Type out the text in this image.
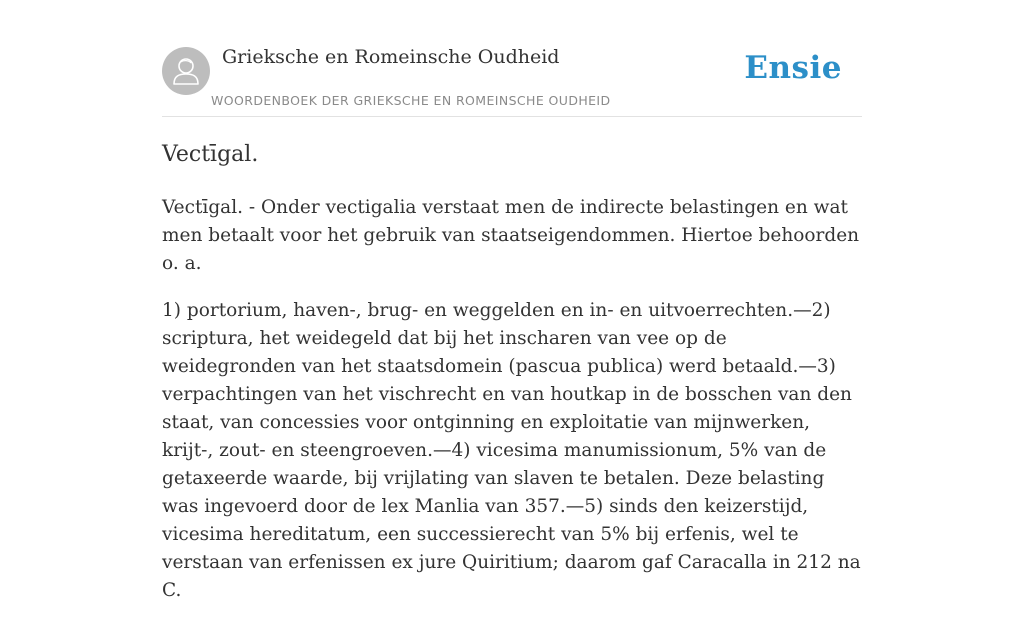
Grieksche en Romeinsche Oudheid
WOORDENBOEK DER GRIEKSCHE EN ROMEINSCHE OUDHEID
Ensie
Vectīgal.

Vectīgal. - Onder vectigalia verstaat men de indirecte belastingen en wat men betaalt voor het gebruik van staatseigendommen. Hiertoe behoorden o. a.

1) portorium, haven-, brug- en weggelden en in- en uitvoerrechten.—2) scriptura, het weidegeld dat bij het inscharen van vee op de weidegronden van het staatsdomein (pascua publica) werd betaald.—3) verpachtingen van het vischrecht en van houtkap in de bosschen van den staat, van concessies voor ontginning en exploitatie van mijnwerken, krijt-, zout- en steengroeven.—4) vicesima manumissionum, 5% van de getaxeerde waarde, bij vrijlating van slaven te betalen. Deze belasting was ingevoerd door de lex Manlia van 357.—5) sinds den keizerstijd, vicesima hereditatum, een successierecht van 5% bij erfenis, wel te verstaan van erfenissen ex jure Quiritium; daarom gaf Caracalla in 212 na C.
